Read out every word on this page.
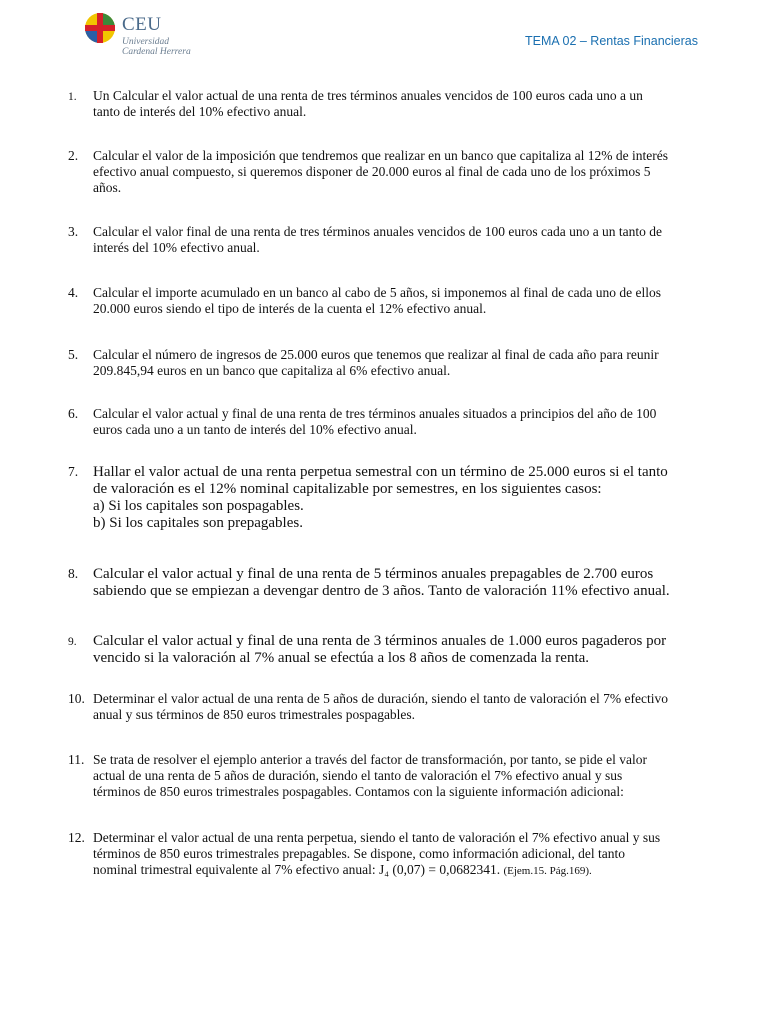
CEU
Universidad
Cardenal Herrera
TEMA 02 – Rentas Financieras
1.	Un Calcular el valor actual de una renta de tres términos anuales vencidos de 100 euros cada uno a un
tanto de interés del 10% efectivo anual.
2.	Calcular el valor de la imposición que tendremos que realizar en un banco que capitaliza al 12% de interés
efectivo anual compuesto, si queremos disponer de 20.000 euros al final de cada uno de los próximos 5
años.
3.	Calcular el valor final de una renta de tres términos anuales vencidos de 100 euros cada uno a un tanto de
interés del 10% efectivo anual.
4.	Calcular el importe acumulado en un banco al cabo de 5 años, si imponemos al final de cada uno de ellos
20.000 euros siendo el tipo de interés de la cuenta el 12% efectivo anual.
5.	Calcular el número de ingresos de 25.000 euros que tenemos que realizar al final de cada año para reunir
209.845,94 euros en un banco que capitaliza al 6% efectivo anual.
6.	Calcular el valor actual y final de una renta de tres términos anuales situados a principios del año de 100
euros cada uno a un tanto de interés del 10% efectivo anual.
7. Hallar el valor actual de una renta perpetua semestral con un término de 25.000 euros si el tanto
de valoración es el 12% nominal capitalizable por semestres, en los siguientes casos:
a) Si los capitales son pospagables.
b) Si los capitales son prepagables.
8. Calcular el valor actual y final de una renta de 5 términos anuales prepagables de 2.700 euros
sabiendo que se empiezan a devengar dentro de 3 años. Tanto de valoración 11% efectivo anual.
9.	Calcular el valor actual y final de una renta de 3 términos anuales de 1.000 euros pagaderos por
vencido si la valoración al 7% anual se efectúa a los 8 años de comenzada la renta.
10. Determinar el valor actual de una renta de 5 años de duración, siendo el tanto de valoración el 7% efectivo
anual y sus términos de 850 euros trimestrales pospagables.
11. Se trata de resolver el ejemplo anterior a través del factor de transformación, por tanto, se pide el valor
actual de una renta de 5 años de duración, siendo el tanto de valoración el 7% efectivo anual y sus
términos de 850 euros trimestrales pospagables. Contamos con la siguiente información adicional:
12. Determinar el valor actual de una renta perpetua, siendo el tanto de valoración el 7% efectivo anual y sus
términos de 850 euros trimestrales prepagables. Se dispone, como información adicional, del tanto
nominal trimestral equivalente al 7% efectivo anual: J₄ (0,07) = 0,0682341. (Ejem.15. Pág.169).
